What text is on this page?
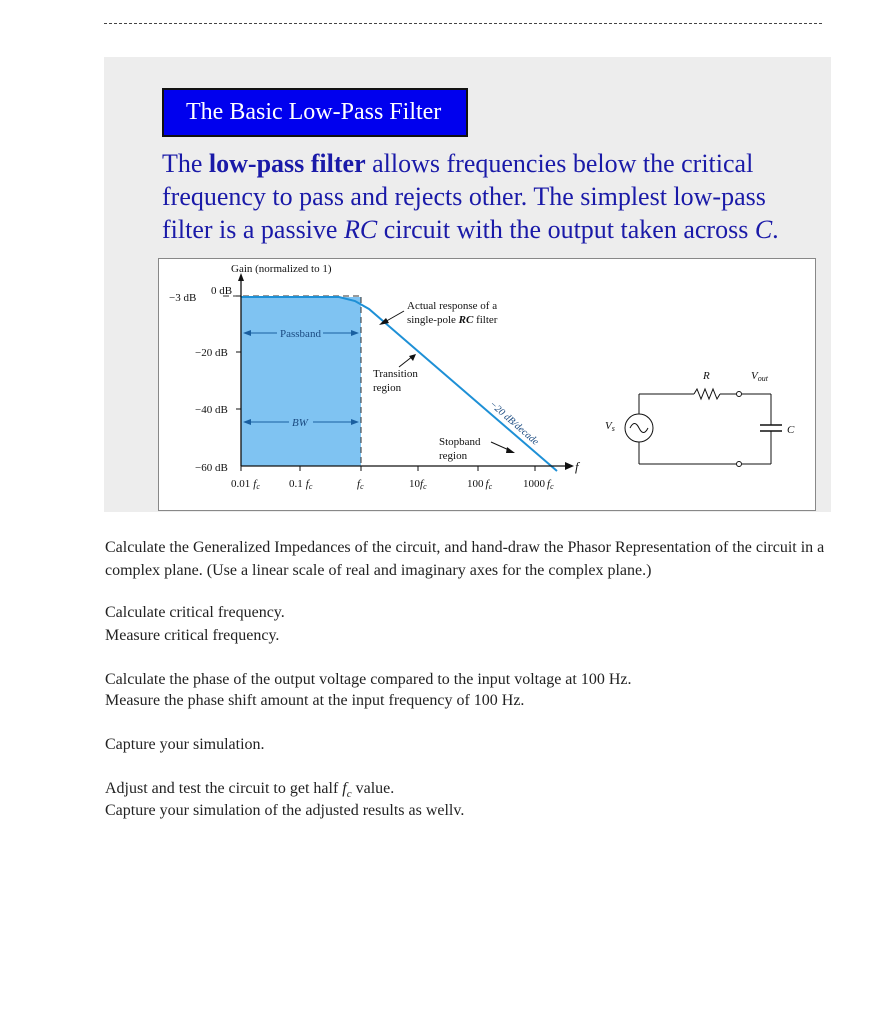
The Basic Low-Pass Filter
The low-pass filter allows frequencies below the critical frequency to pass and rejects other. The simplest low-pass filter is a passive RC circuit with the output taken across C.
Gain (normalized to 1)
0 dB
−3 dB
−20 dB
−40 dB
−60 dB
0.01 fc	0.1 fc	fc	10fc	100 fc	1000 fc
f
Passband
BW
Actual response of a
single-pole RC filter
Transition
region
−20 dB/decade
Stopband
region
Vs
R	Vout
C
Calculate the Generalized Impedances of the circuit, and hand-draw the Phasor Representation of the circuit in a complex plane. (Use a linear scale of real and imaginary axes for the complex plane.)
Calculate critical frequency.
Measure critical frequency.
Calculate the phase of the output voltage compared to the input voltage at 100 Hz.
Measure the phase shift amount at the input frequency of 100 Hz.
Capture your simulation.
Adjust and test the circuit to get half $f_c$ value.
Capture your simulation of the adjusted results as wellv.
